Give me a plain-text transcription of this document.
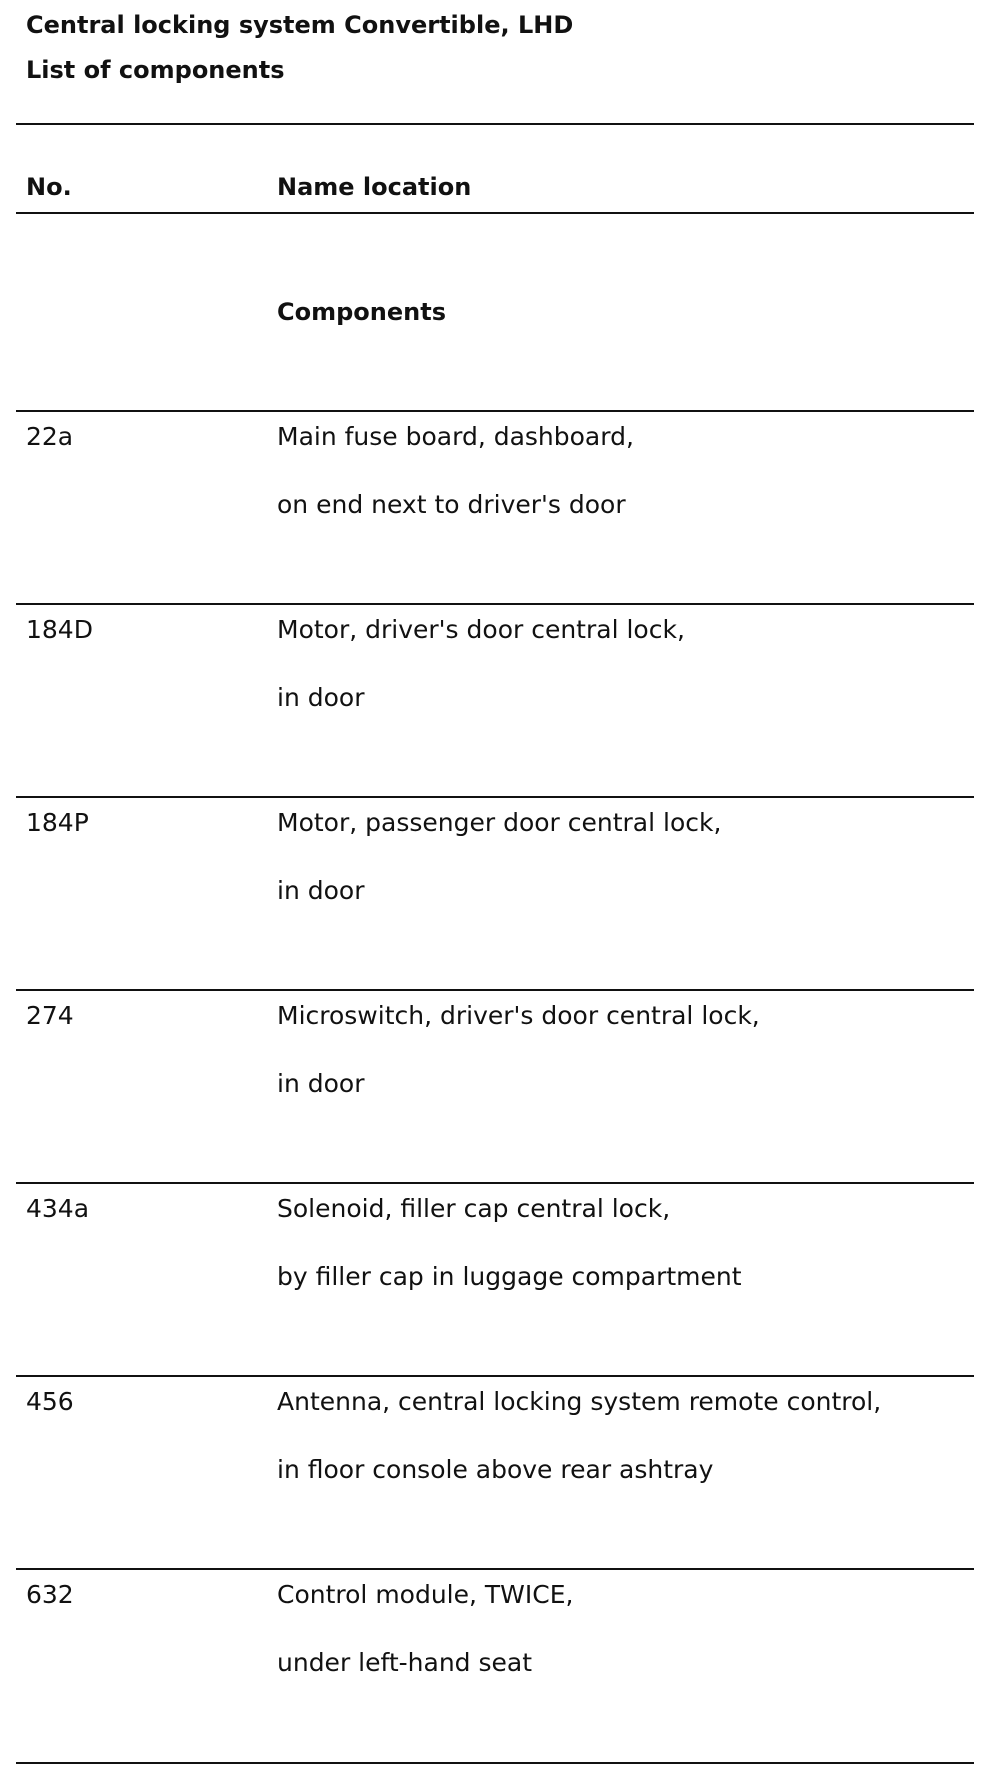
Central locking system Convertible, LHD
List of components
No.	Name location
Components
22a	Main fuse board, dashboard,
on end next to driver's door
184D	Motor, driver's door central lock,
in door
184P	Motor, passenger door central lock,
in door
274	Microswitch, driver's door central lock,
in door
434a	Solenoid, filler cap central lock,
by filler cap in luggage compartment
456	Antenna, central locking system remote control,
in floor console above rear ashtray
632	Control module, TWICE,
under left-hand seat
